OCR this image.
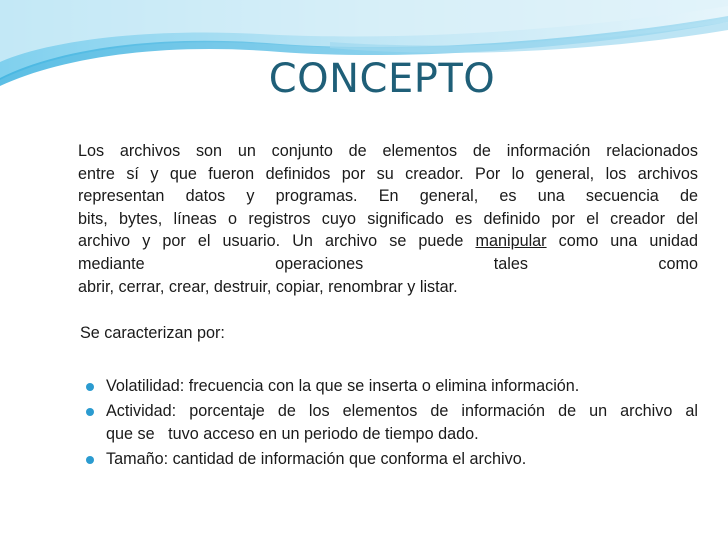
CONCEPTO
Los archivos son un conjunto de elementos de información relacionados
entre sí y que fueron definidos por su creador. Por lo general, los archivos
representan datos y programas. En general, es una secuencia de
bits, bytes, líneas o registros cuyo significado es definido por el creador del
archivo y por el usuario. Un archivo se puede manipular como una unidad
mediante operaciones tales como
abrir, cerrar, crear, destruir, copiar, renombrar y listar.
Se caracterizan por:
Volatilidad: frecuencia con la que se inserta o elimina información.
Actividad: porcentaje de los elementos de información de un archivo al
que se   tuvo acceso en un periodo de tiempo dado.
Tamaño: cantidad de información que conforma el archivo.
